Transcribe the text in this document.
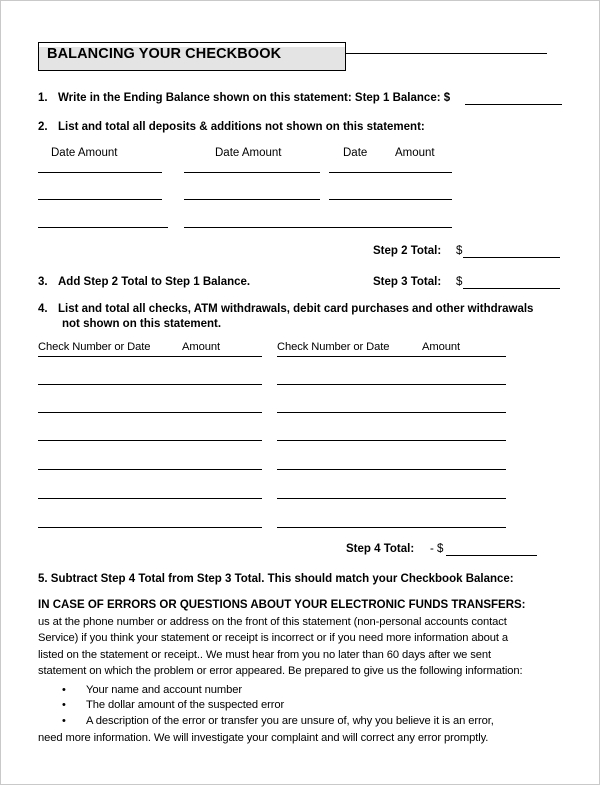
BALANCING YOUR CHECKBOOK
1. Write in the Ending Balance shown on this statement: Step 1 Balance: $
2. List and total all deposits & additions not shown on this statement:
Date Amount	Date Amount	Date Amount
Step 2 Total: $
3. Add Step 2 Total to Step 1 Balance.	Step 3 Total: $
4. List and total all checks, ATM withdrawals, debit card purchases and other withdrawals
not shown on this statement.
Check Number or Date	Amount	Check Number or Date	Amount
Step 4 Total: - $
5. Subtract Step 4 Total from Step 3 Total. This should match your Checkbook Balance:
IN CASE OF ERRORS OR QUESTIONS ABOUT YOUR ELECTRONIC FUNDS TRANSFERS:
us at the phone number or address on the front of this statement (non-personal accounts contact
Service) if you think your statement or receipt is incorrect or if you need more information about a
listed on the statement or receipt.. We must hear from you no later than 60 days after we sent
statement on which the problem or error appeared. Be prepared to give us the following information:
• Your name and account number
• The dollar amount of the suspected error
• A description of the error or transfer you are unsure of, why you believe it is an error,
need more information. We will investigate your complaint and will correct any error promptly.
